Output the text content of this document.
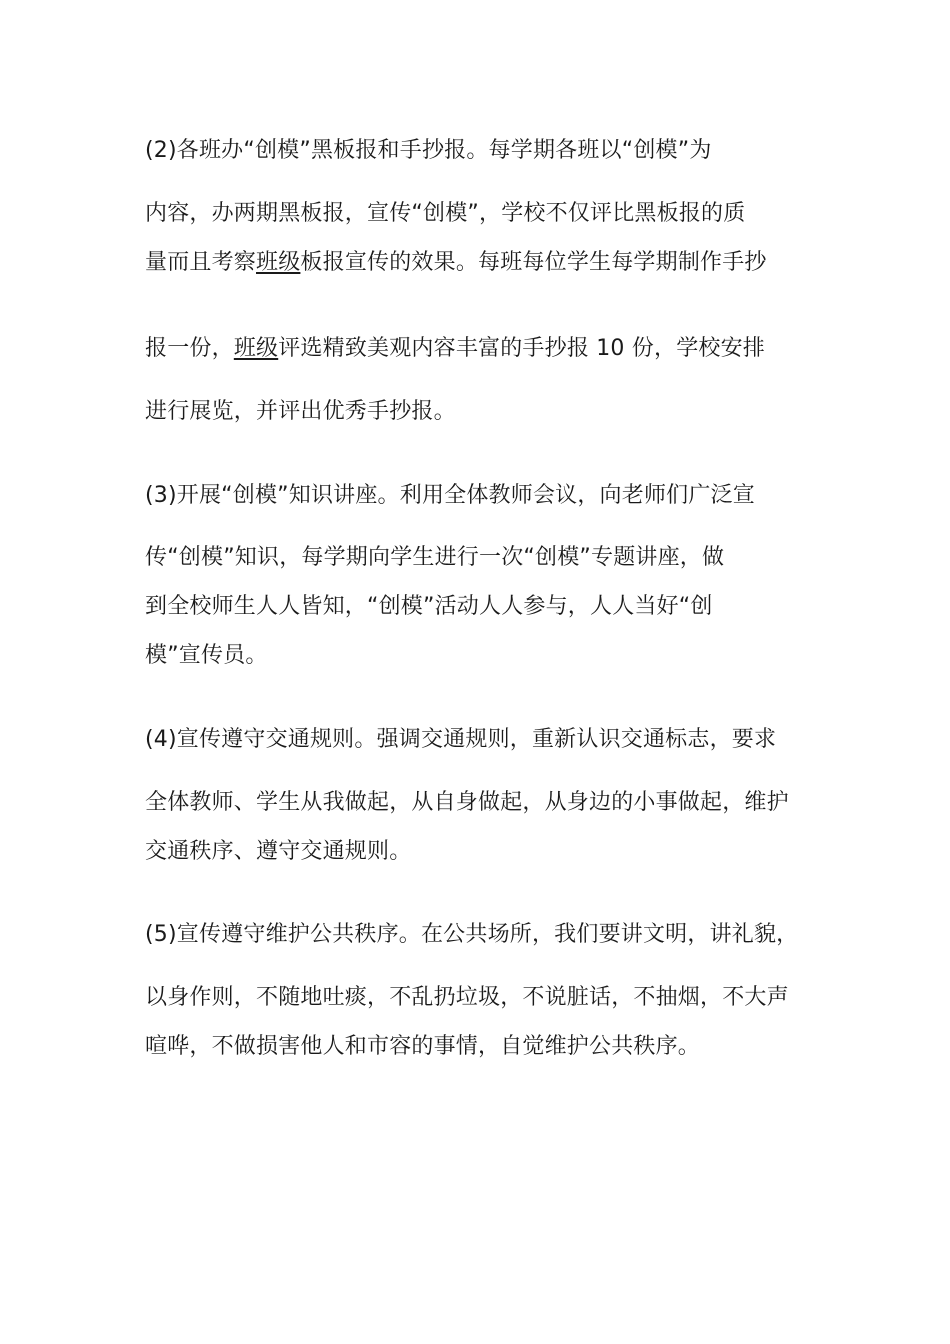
(2)各班办“创模”黑板报和手抄报。每学期各班以“创模”为
内容，办两期黑板报，宣传“创模”，学校不仅评比黑板报的质
量而且考察班级板报宣传的效果。每班每位学生每学期制作手抄
报一份，班级评选精致美观内容丰富的手抄报 10 份，学校安排
进行展览，并评出优秀手抄报。
(3)开展“创模”知识讲座。利用全体教师会议，向老师们广泛宣
传“创模”知识，每学期向学生进行一次“创模”专题讲座，做
到全校师生人人皆知，“创模”活动人人参与，人人当好“创
模”宣传员。
(4)宣传遵守交通规则。强调交通规则，重新认识交通标志，要求
全体教师、学生从我做起，从自身做起，从身边的小事做起，维护
交通秩序、遵守交通规则。
(5)宣传遵守维护公共秩序。在公共场所，我们要讲文明，讲礼貌，
以身作则，不随地吐痰，不乱扔垃圾，不说脏话，不抽烟，不大声
喧哗，不做损害他人和市容的事情，自觉维护公共秩序。
